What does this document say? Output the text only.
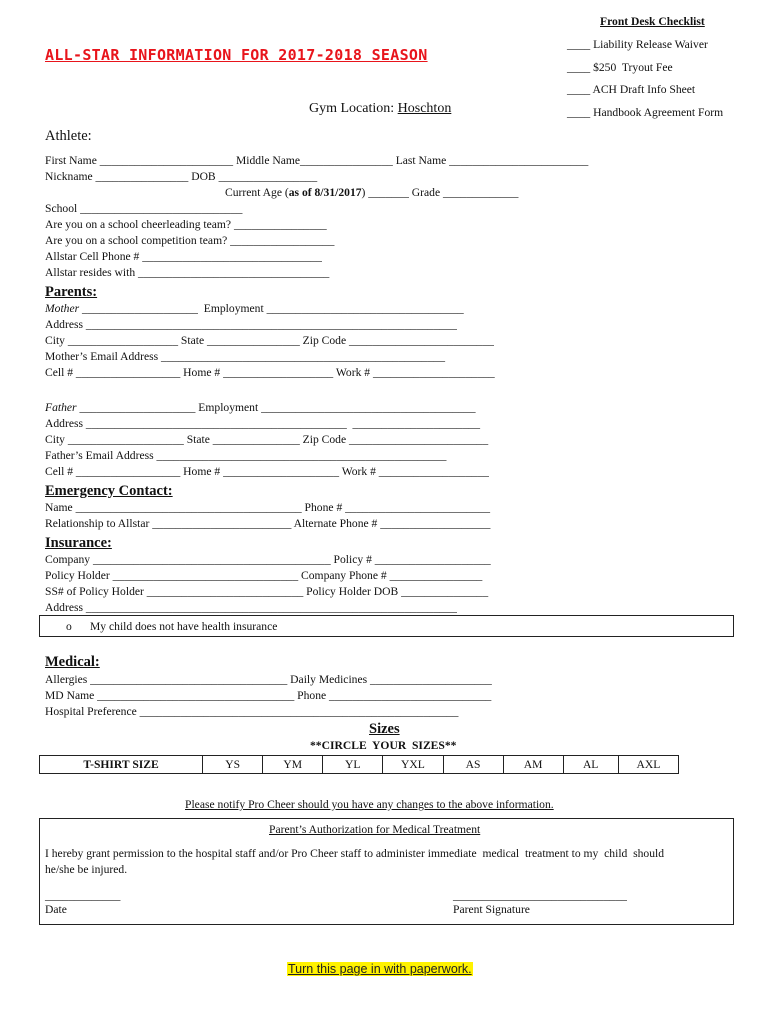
Front Desk Checklist
____ Liability Release Waiver
____ $250  Tryout Fee
____ ACH Draft Info Sheet
____ Handbook Agreement Form
ALL-STAR INFORMATION FOR 2017-2018 SEASON
Gym Location: Hoschton
Athlete:
First Name _______________________ Middle Name________________ Last Name ________________________
Nickname ________________ DOB _________________
Current Age (as of 8/31/2017) _______ Grade _____________
School ____________________________
Are you on a school cheerleading team? ________________
Are you on a school competition team? __________________
Allstar Cell Phone # _______________________________
Allstar resides with _________________________________
Parents:
Mother ____________________  Employment __________________________________
Address ________________________________________________________________
City ___________________ State ________________ Zip Code _________________________
Mother’s Email Address _________________________________________________
Cell # __________________ Home # ___________________ Work # _____________________
Father ____________________ Employment _____________________________________
Address _____________________________________________  ______________________
City ____________________ State _______________ Zip Code ________________________
Father’s Email Address __________________________________________________
Cell # __________________ Home # ____________________ Work # ___________________
Emergency Contact:
Name _______________________________________ Phone # _________________________
Relationship to Allstar ________________________ Alternate Phone # ___________________
Insurance:
Company _________________________________________ Policy # ____________________
Policy Holder ________________________________ Company Phone # ________________
SS# of Policy Holder ___________________________ Policy Holder DOB _______________
Address ________________________________________________________________
o My child does not have health insurance
Medical:
Allergies __________________________________ Daily Medicines _____________________
MD Name __________________________________ Phone ____________________________
Hospital Preference _______________________________________________________
Sizes
**CIRCLE  YOUR  SIZES**
T-SHIRT SIZE	YS	YM	YL	YXL	AS	AM	AL	AXL
Please notify Pro Cheer should you have any changes to the above information.
Parent’s Authorization for Medical Treatment
I hereby grant permission to the hospital staff and/or Pro Cheer staff to administer immediate  medical  treatment to my  child  should
he/she be injured.
_____________
Date
______________________________
Parent Signature
Turn this page in with paperwork.
